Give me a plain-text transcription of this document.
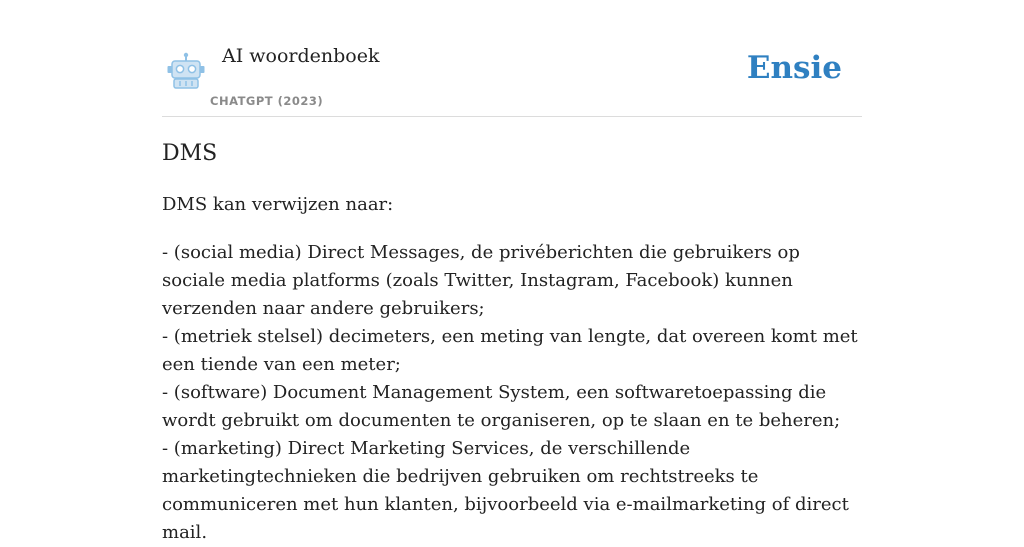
AI woordenboek
CHATGPT (2023)
Ensie
DMS

DMS kan verwijzen naar:

- (social media) Direct Messages, de privéberichten die gebruikers op sociale media platforms (zoals Twitter, Instagram, Facebook) kunnen verzenden naar andere gebruikers;
- (metriek stelsel) decimeters, een meting van lengte, dat overeen komt met een tiende van een meter;
- (software) Document Management System, een softwaretoepassing die wordt gebruikt om documenten te organiseren, op te slaan en te beheren;
- (marketing) Direct Marketing Services, de verschillende marketingtechnieken die bedrijven gebruiken om rechtstreeks te communiceren met hun klanten, bijvoorbeeld via e-mailmarketing of direct mail.
